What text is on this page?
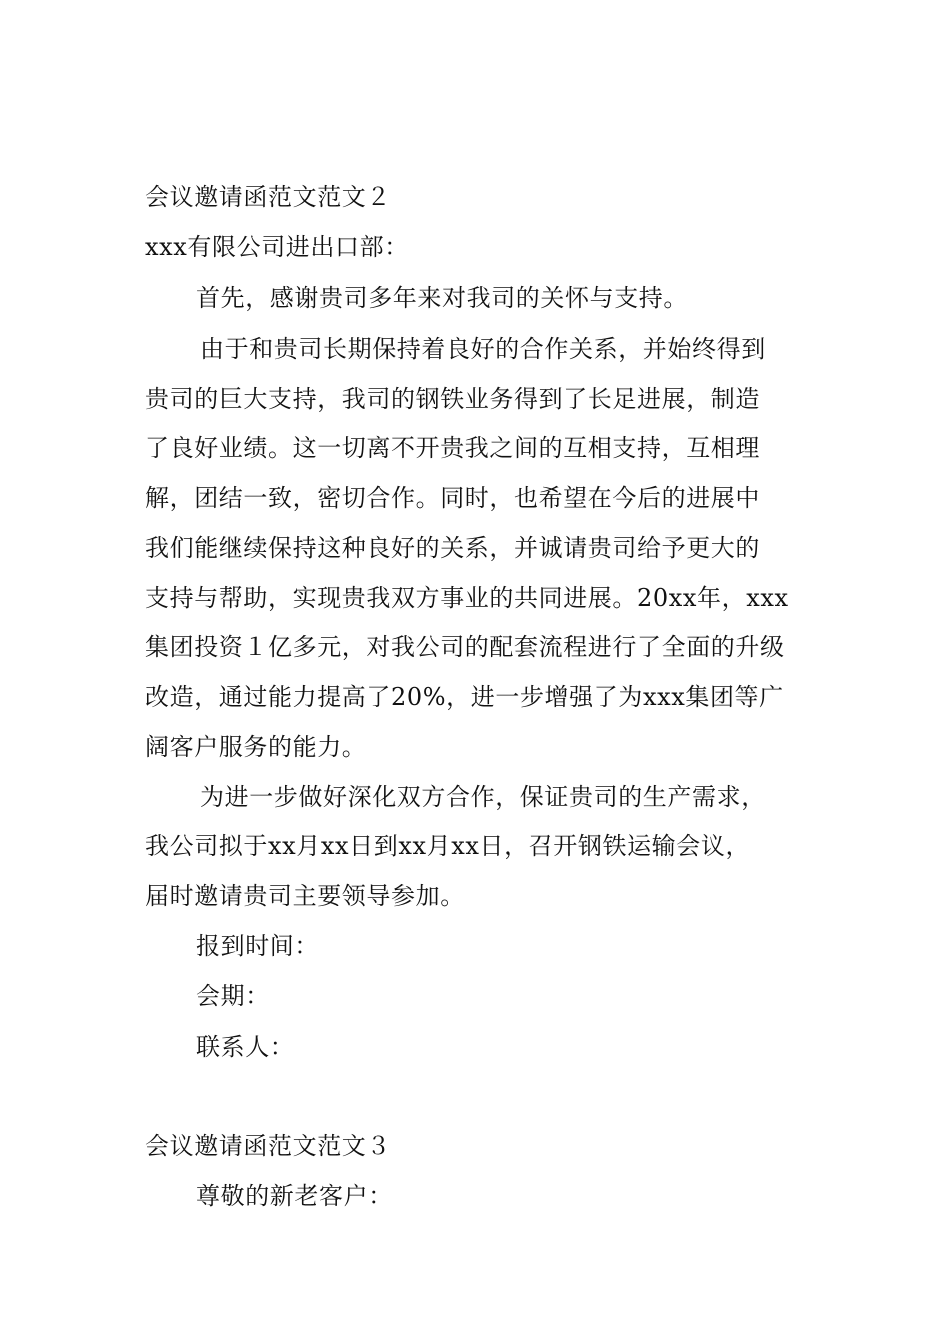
会议邀请函范文范文２
xxx有限公司进出口部：
首先，感谢贵司多年来对我司的关怀与支持。
由于和贵司长期保持着良好的合作关系，并始终得到
贵司的巨大支持，我司的钢铁业务得到了长足进展，制造
了良好业绩。这一切离不开贵我之间的互相支持，互相理
解，团结一致，密切合作。同时，也希望在今后的进展中
我们能继续保持这种良好的关系，并诚请贵司给予更大的
支持与帮助，实现贵我双方事业的共同进展。20xx年，xxx
集团投资１亿多元，对我公司的配套流程进行了全面的升级
改造，通过能力提高了20%，进一步增强了为xxx集团等广
阔客户服务的能力。
为进一步做好深化双方合作，保证贵司的生产需求，
我公司拟于xx月xx日到xx月xx日，召开钢铁运输会议，
届时邀请贵司主要领导参加。
报到时间：
会期：
联系人：
会议邀请函范文范文３
尊敬的新老客户：
